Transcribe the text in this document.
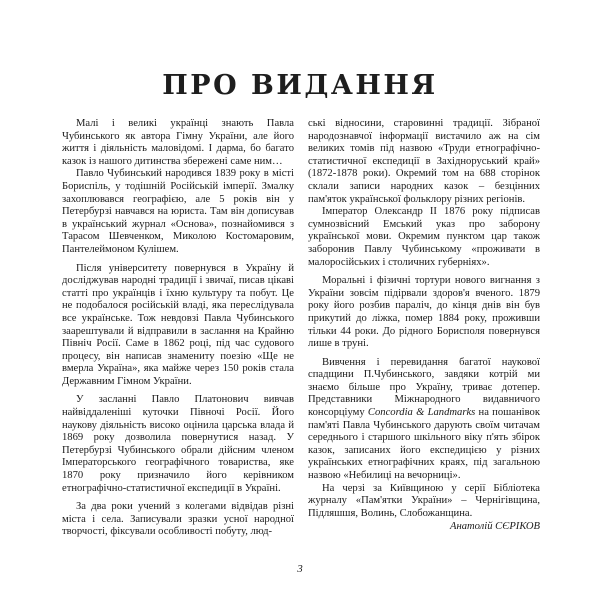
ПРО ВИДАННЯ

Малі і великі українці знають Павла Чубинського як автора Гімну України, але його життя і діяльність маловідомі. І дарма, бо багато казок із нашого дитинства збережені саме ним…

Павло Чубинський народився 1839 року в місті Бориспіль, у тодішній Російській імперії. Змалку захоплювався географією, але 5 років він у Петербурзі навчався на юриста. Там він дописував в український журнал «Основа», познайомився з Тарасом Шевченком, Миколою Костомаровим, Пантелеймоном Кулішем.

Після університету повернувся в Україну й досліджував народні традиції і звичаї, писав цікаві статті про українців і їхню культуру та побут. Це не подобалося російській владі, яка переслідувала все українське. Тож невдовзі Павла Чубинського заарештували й відправили в заслання на Крайню Північ Росії. Саме в 1862 році, під час судового процесу, він написав знамениту поезію «Ще не вмерла Україна», яка майже через 150 років стала Державним Гімном України.

У засланні Павло Платонович вивчав найвіддаленіші куточки Півночі Росії. Його наукову діяльність високо оцінила царська влада й 1869 року дозволила повернутися назад. У Петербурзі Чубинського обрали дійсним членом Імператорського географічного товариства, яке 1870 року призначило його керівником етнографічно-статистичної експедиції в Україні.

За два роки учений з колегами відвідав різні міста і села. Записували зразки усної народної творчості, фіксували особливості побуту, люд-

ські відносини, старовинні традиції. Зібраної народознавчої інформації вистачило аж на сім великих томів під назвою «Труди етнографічно-статистичної експедиції в Західноруський край» (1872-1878 роки). Окремий том на 688 сторінок склали записи народних казок – безцінних пам'яток української фольклору різних регіонів.

Імператор Олександр ІІ 1876 року підписав сумнозвісний Емський указ про заборону української мови. Окремим пунктом цар також заборонив Павлу Чубинському «проживати в малоросійських і столичних губерніях».

Моральні і фізичні тортури нового вигнання з України зовсім підірвали здоров'я вченого. 1879 року його розбив параліч, до кінця днів він був прикутий до ліжка, помер 1884 року, проживши тільки 44 роки. До рідного Борисполя повернувся лише в труні.

Вивчення і перевидання багатої наукової спадщини П.Чубинського, завдяки котрій ми знаємо більше про Україну, триває дотепер. Представники Міжнародного видавничого консорціуму Concordia & Landmarks на пошанівок пам'яті Павла Чубинського дарують своїм читачам середнього і старшого шкільного віку п'ять збірок казок, записаних його експедицією у різних українських етнографічних краях, під загальною назвою «Небилиці на вечорниці».

На черзі за Київщиною у серії Бібліотека журналу «Пам'ятки України» – Чернігівщина, Підляшшя, Волинь, Слобожанщина.

Анатолій СЄРІКОВ
3
